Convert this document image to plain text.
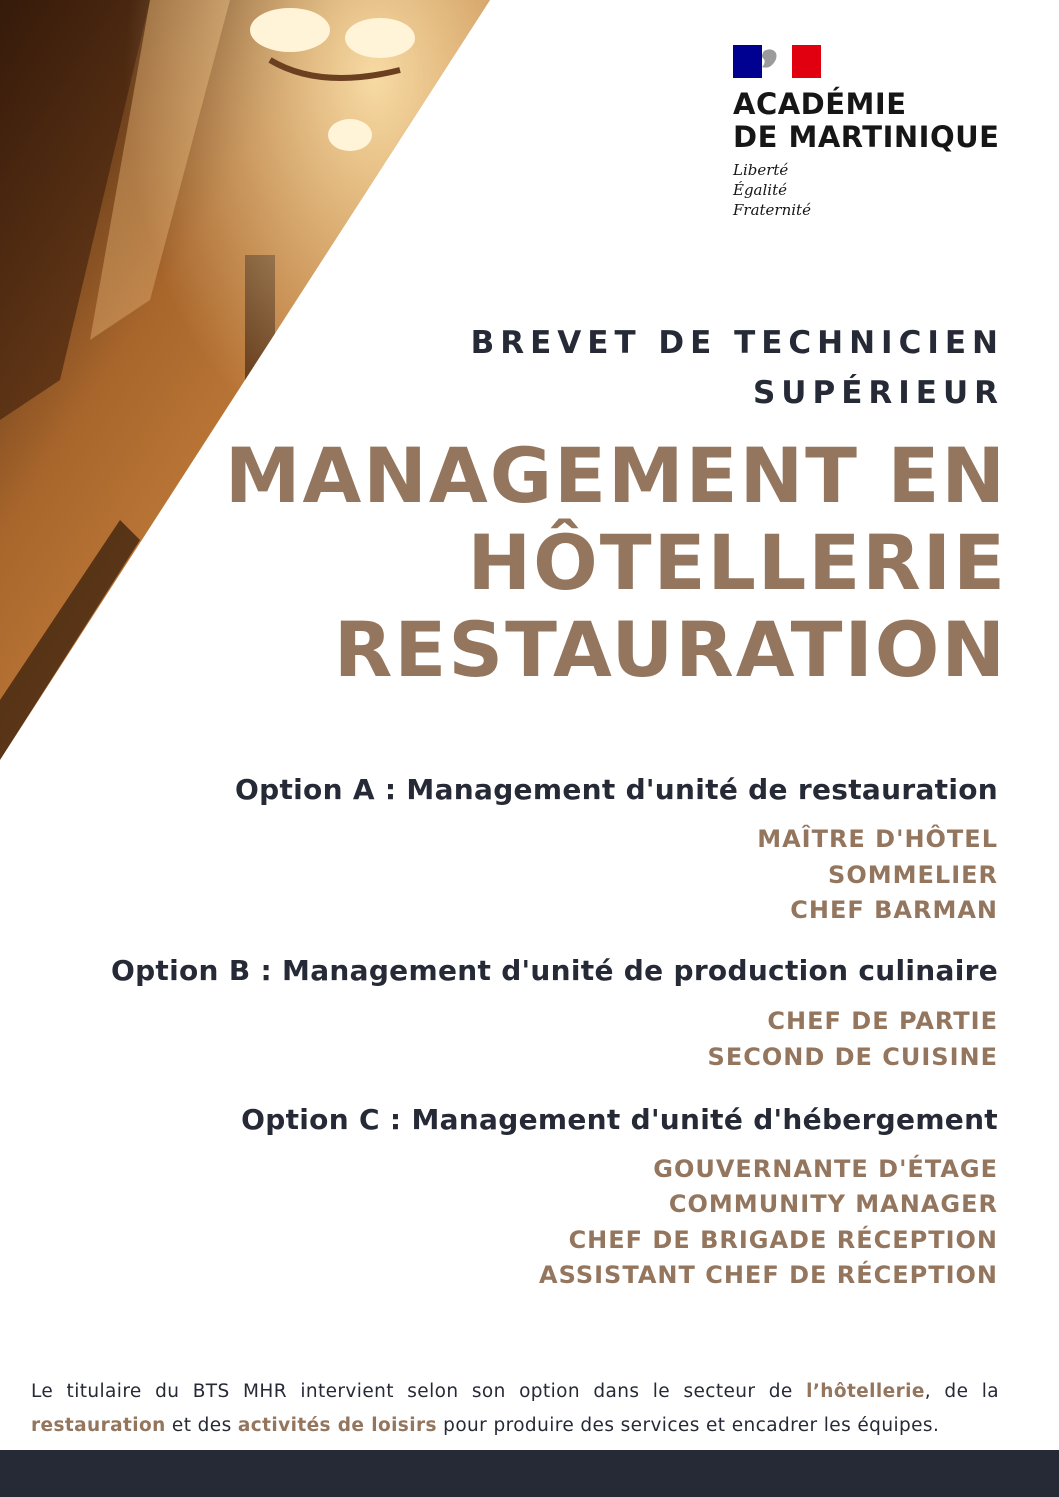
ACADÉMIE
DE MARTINIQUE
Liberté
Égalité
Fraternité
BREVET DE TECHNICIEN
SUPÉRIEUR
MANAGEMENT EN
HÔTELLERIE
RESTAURATION
Option A : Management d'unité de restauration
MAÎTRE D'HÔTEL
SOMMELIER
CHEF BARMAN
Option B : Management d'unité de production culinaire
CHEF DE PARTIE
SECOND DE CUISINE
Option C : Management d'unité d'hébergement
GOUVERNANTE D'ÉTAGE
COMMUNITY MANAGER
CHEF DE BRIGADE RÉCEPTION
ASSISTANT CHEF DE RÉCEPTION

Le titulaire du BTS MHR intervient selon son option dans le secteur de l’hôtellerie, de la restauration et des activités de loisirs pour produire des services et encadrer les équipes.
